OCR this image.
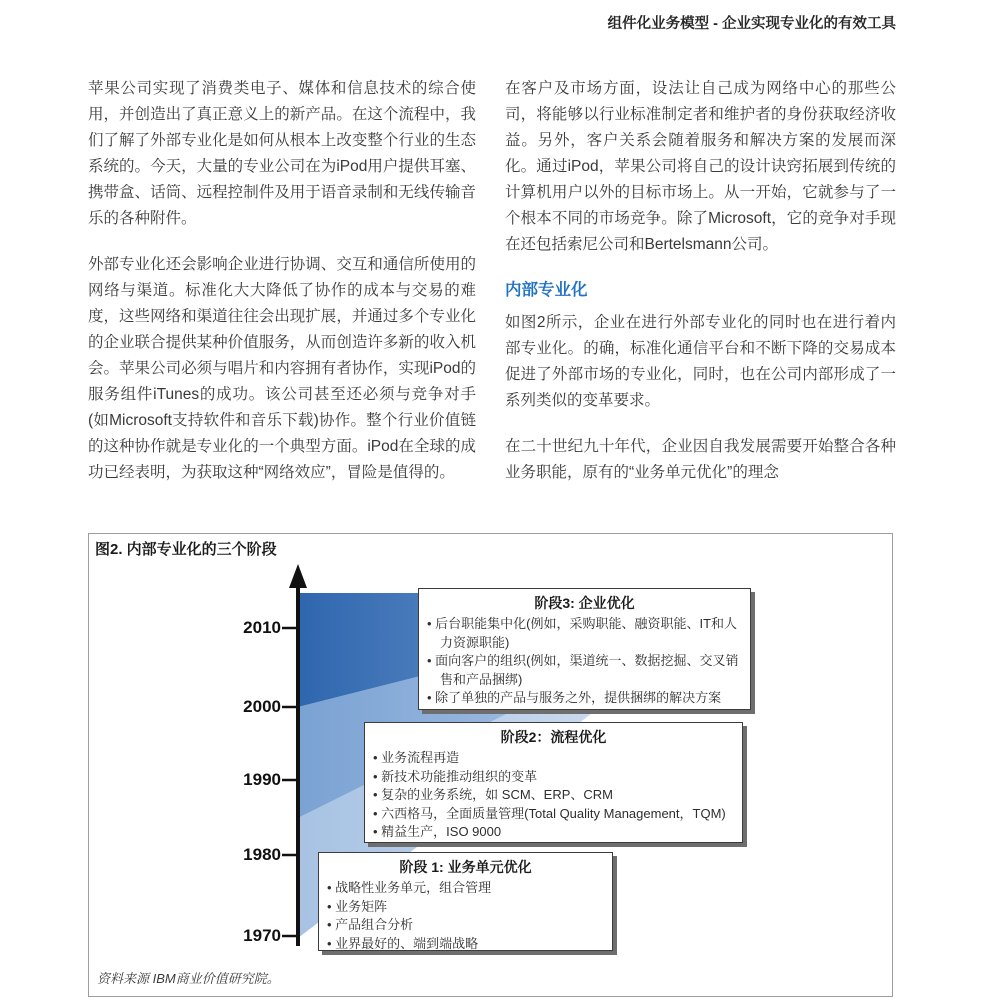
组件化业务模型 - 企业实现专业化的有效工具

苹果公司实现了消费类电子、媒体和信息技术的综合使用，并创造出了真正意义上的新产品。在这个流程中，我们了解了外部专业化是如何从根本上改变整个行业的生态系统的。今天，大量的专业公司在为iPod用户提供耳塞、携带盒、话筒、远程控制件及用于语音录制和无线传输音乐的各种附件。

外部专业化还会影响企业进行协调、交互和通信所使用的网络与渠道。标准化大大降低了协作的成本与交易的难度，这些网络和渠道往往会出现扩展，并通过多个专业化的企业联合提供某种价值服务，从而创造许多新的收入机会。苹果公司必须与唱片和内容拥有者协作，实现iPod的服务组件iTunes的成功。该公司甚至还必须与竞争对手(如Microsoft支持软件和音乐下载)协作。整个行业价值链的这种协作就是专业化的一个典型方面。iPod在全球的成功已经表明，为获取这种“网络效应”，冒险是值得的。

在客户及市场方面，设法让自己成为网络中心的那些公司，将能够以行业标准制定者和维护者的身份获取经济收益。另外，客户关系会随着服务和解决方案的发展而深化。通过iPod，苹果公司将自己的设计诀窍拓展到传统的计算机用户以外的目标市场上。从一开始，它就参与了一个根本不同的市场竞争。除了Microsoft，它的竞争对手现在还包括索尼公司和Bertelsmann公司。

内部专业化

如图2所示，企业在进行外部专业化的同时也在进行着内部专业化。的确，标准化通信平台和不断下降的交易成本促进了外部市场的专业化，同时，也在公司内部形成了一系列类似的变革要求。

在二十世纪九十年代，企业因自我发展需要开始整合各种业务职能，原有的“业务单元优化”的理念

图2. 内部专业化的三个阶段
2010
2000
1990
1980
1970
阶段3: 企业优化
• 后台职能集中化(例如，采购职能、融资职能、IT和人力资源职能)
• 面向客户的组织(例如，渠道统一、数据挖掘、交叉销售和产品捆绑)
• 除了单独的产品与服务之外，提供捆绑的解决方案
阶段2：流程优化
• 业务流程再造
• 新技术功能推动组织的变革
• 复杂的业务系统，如 SCM、ERP、CRM
• 六西格马，全面质量管理(Total Quality Management，TQM)
• 精益生产，ISO 9000
阶段 1: 业务单元优化
• 战略性业务单元，组合管理
• 业务矩阵
• 产品组合分析
• 业界最好的、端到端战略
资料来源 IBM商业价值研究院。
